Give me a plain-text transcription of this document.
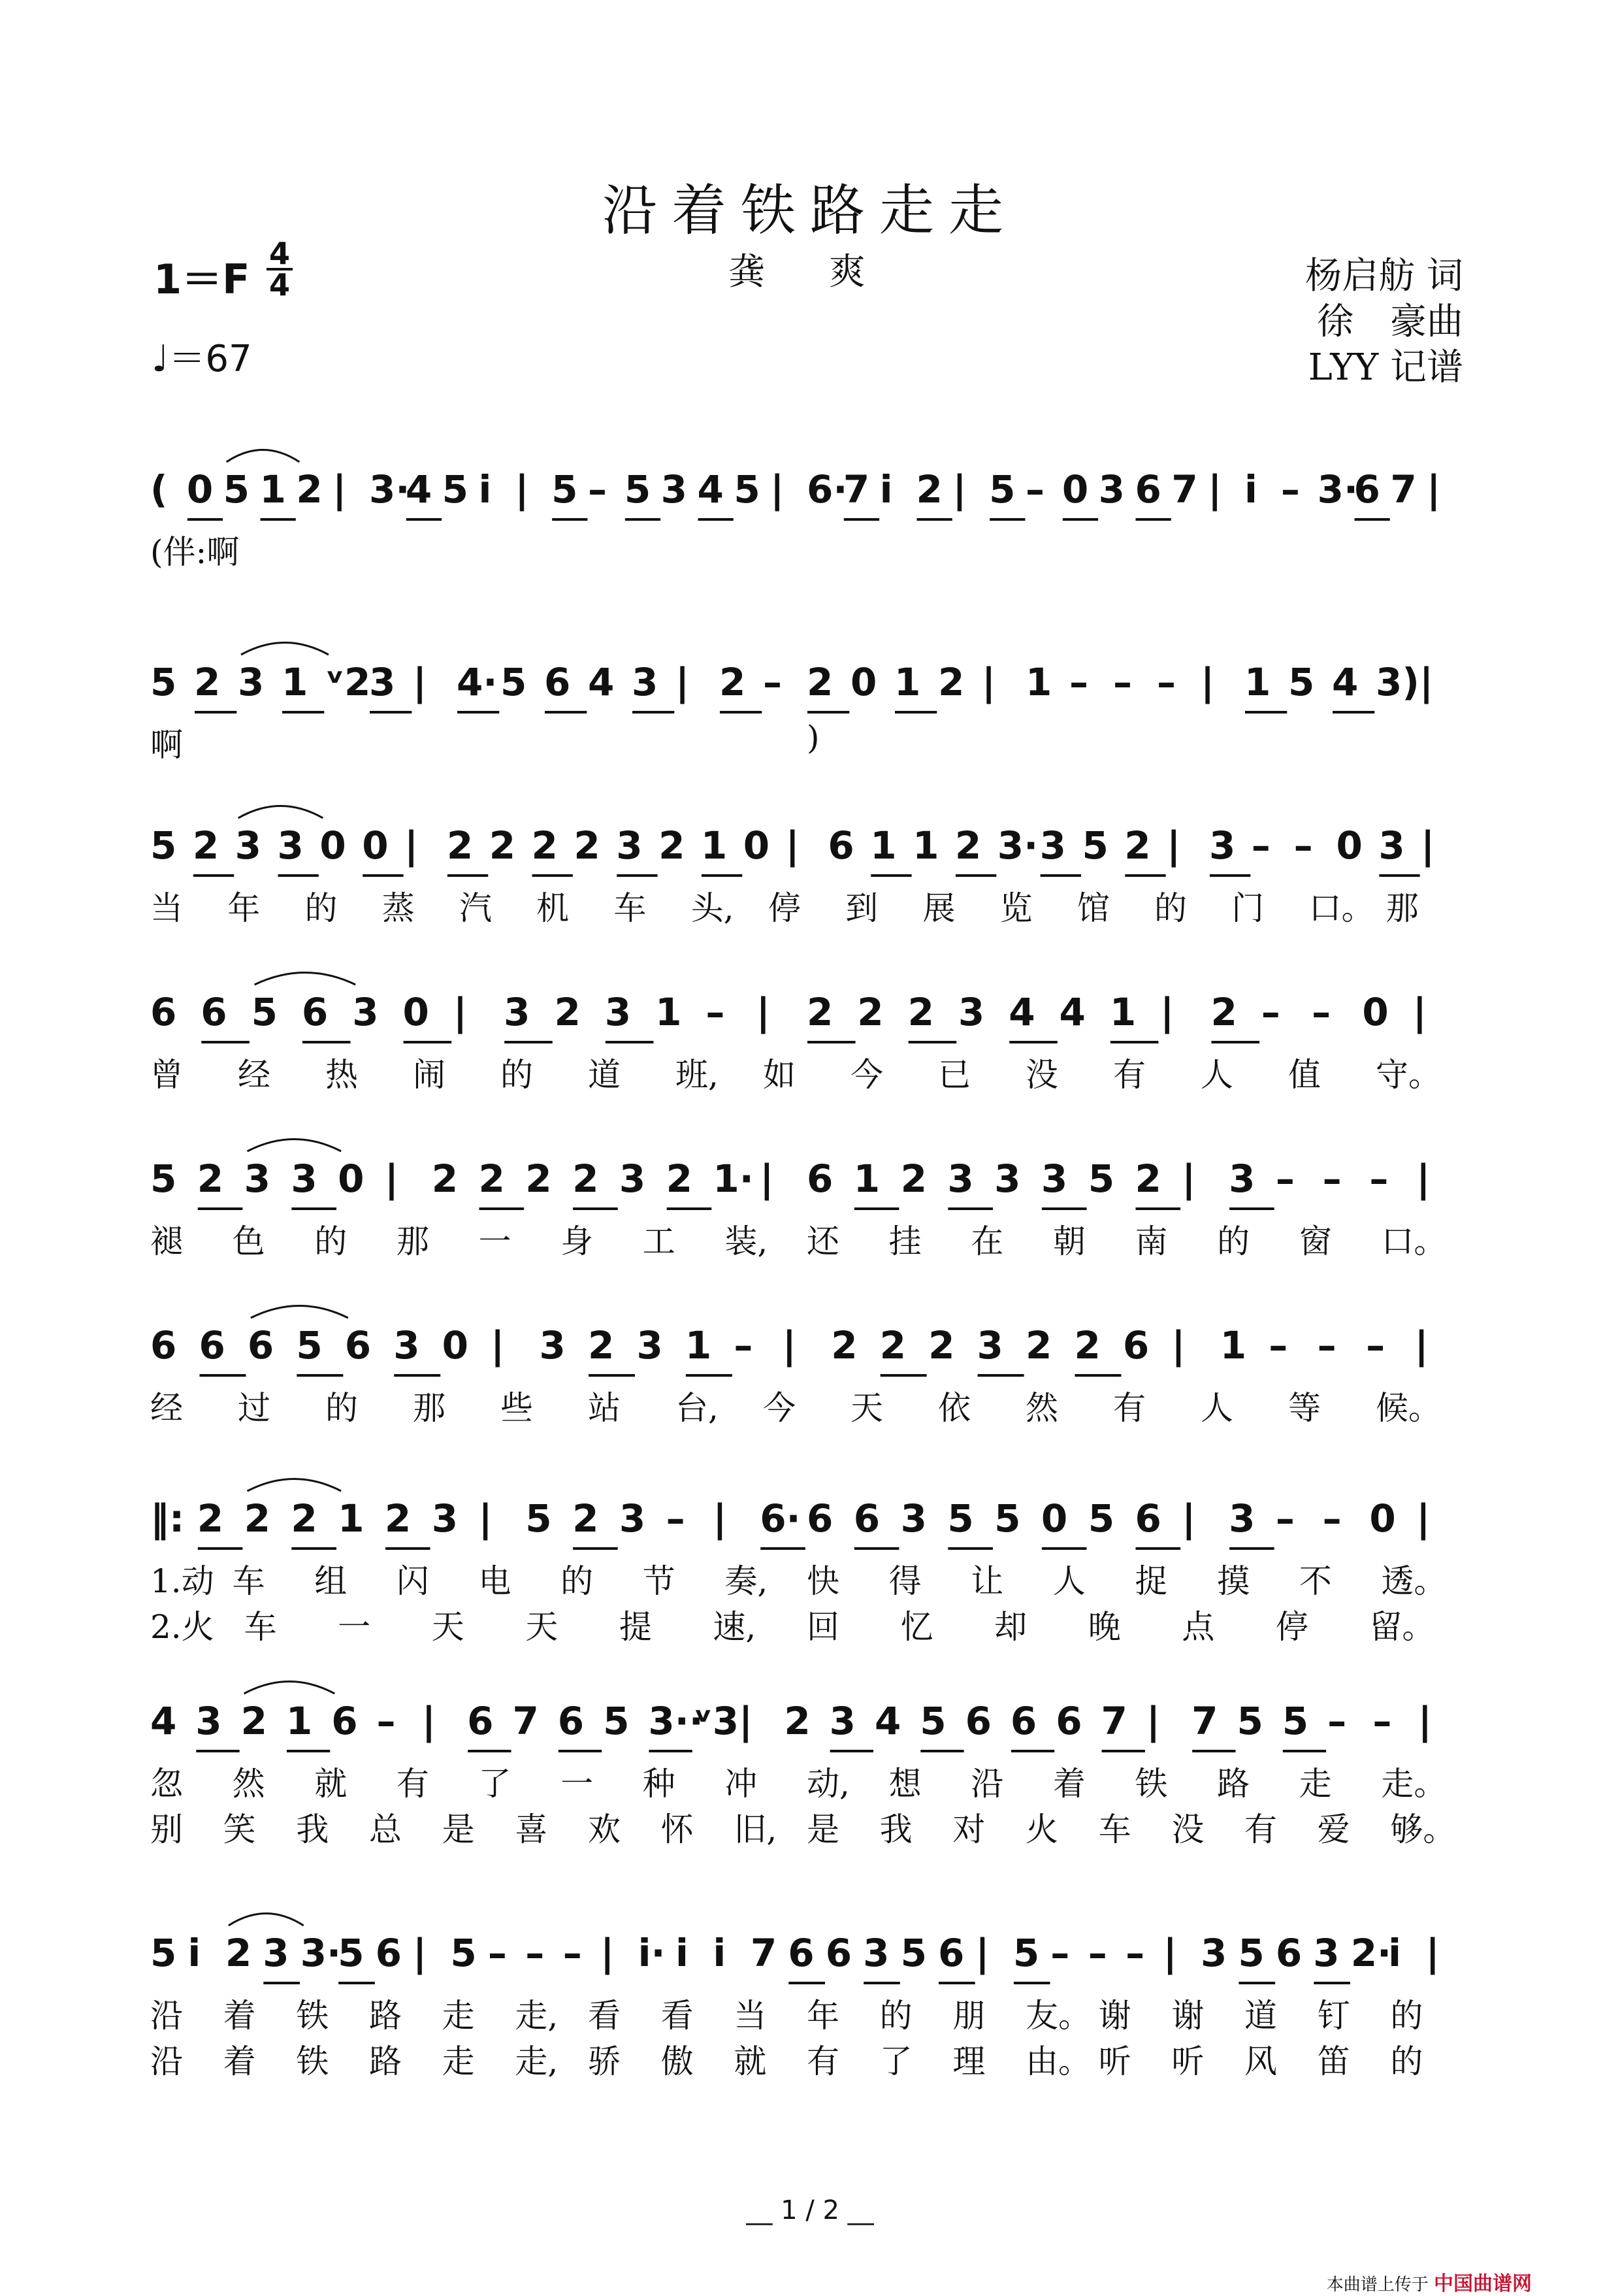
沿着铁路走走
龚 爽
1＝F
4
4
♩＝67
杨启舫 词
徐　豪曲
LYY 记谱
( 0 5 1 2 | 3·
4 5 i | 5 – 5 3 4 5 | 6·
7 i 2 | 5 – 0 3 6 7 | i – 3·
6 7 |
(伴:啊
5 2 3 1 ᵛ2
3 | 4· 5 6 4 3 | 2 – 2 0 1 2 | 1 – – – | 1 5 4 3) |
啊	)
5 2 3 3 0 0 | 2 2 2 2 3 2 1 0 | 6 1 1 2 3· 3 5 2 | 3 – – 0 3 |
当 年 的 蒸 汽 机 车 头, 停 到 展 览 馆 的 门 口。 那
6 6 5 6 3 0 | 3 2 3 1 – | 2 2 2 3 4 4 1 | 2 – – 0 |
曾 经 热 闹 的 道 班, 如 今 已 没 有 人 值 守。
5 2 3 3 0 | 2 2 2 2 3 2 1· | 6 1 2 3 3 3 5 2 | 3 – – – |
褪 色 的 那 一 身 工 装, 还 挂 在 朝 南 的 窗 口。
6 6 6 5 6 3 0 | 3 2 3 1 – | 2 2 2 3 2 2 6 | 1 – – – |
经 过 的 那 些 站 台, 今 天 依 然 有 人 等 候。
‖: 2 2 2 1 2 3 | 5 2 3 – | 6· 6 6 3 5 5 0 5 6 | 3 – – 0 |
1.动 车 组 闪 电 的 节 奏, 快 得 让 人 捉 摸 不 透。
2.火 车 一 天 天 提 速, 回 忆 却 晚 点 停 留。
4 3 2 1 6 – | 6 7 6 5 3··
ᵛ3 | 2 3 4 5 6 6 6 7 | 7 5 5 – – |
忽 然 就 有 了 一 种 冲 动, 想 沿 着 铁 路 走 走。
别 笑 我 总 是 喜 欢 怀 旧, 是 我 对 火 车 没 有 爱 够。
5 i 2 3 3·
5 6 | 5 – – – | i· i i 7 6 6 3 5 6 | 5 – – – | 3 5 6 3 2·
i |
沿 着 铁 路 走 走, 看 看 当 年 的 朋 友。 谢 谢 道 钉 的
沿 着 铁 路 走 走, 骄 傲 就 有 了 理 由。 听 听 风 笛 的
__ 1 / 2 __
本曲谱上传于 中国曲谱网
